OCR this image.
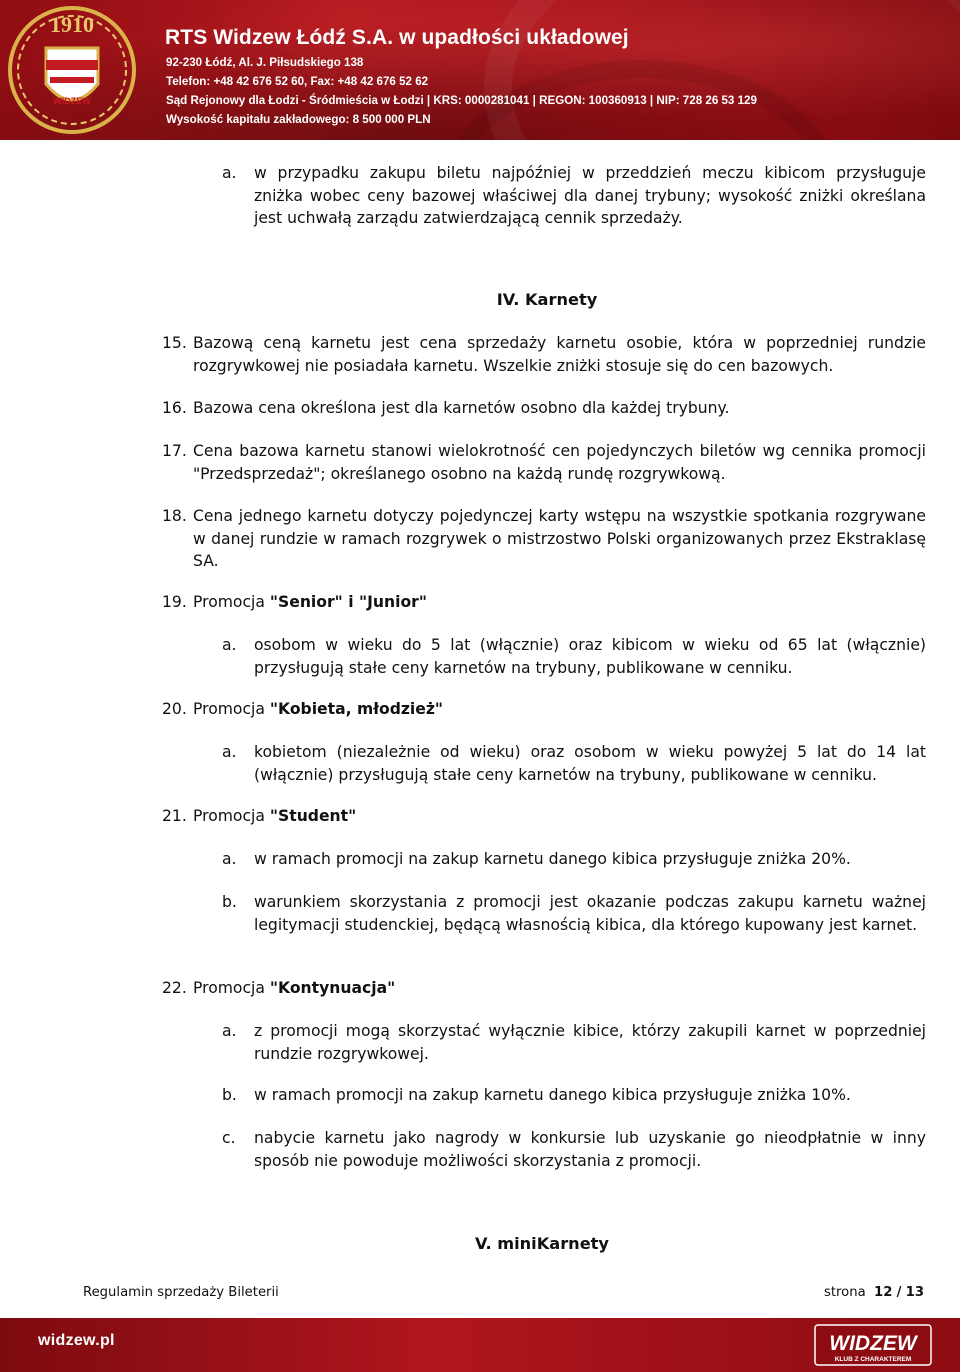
1910
WIDZEW
RTS Widzew Łódź S.A. w upadłości układowej
92-230 Łódź, Al. J. Piłsudskiego 138
Telefon: +48 42 676 52 60, Fax: +48 42 676 52 62
Sąd Rejonowy dla Łodzi - Śródmieścia w Łodzi | KRS: 0000281041 | REGON: 100360913 | NIP: 728 26 53 129
Wysokość kapitału zakładowego: 8 500 000 PLN
a. w przypadku zakupu biletu najpóźniej w przeddzień meczu kibicom przysługuje zniżka wobec ceny bazowej właściwej dla danej trybuny; wysokość zniżki określana jest uchwałą zarządu zatwierdzającą cennik sprzedaży.
IV. Karnety
15. Bazową ceną karnetu jest cena sprzedaży karnetu osobie, która w poprzedniej rundzie rozgrywkowej nie posiadała karnetu. Wszelkie zniżki stosuje się do cen bazowych.
16. Bazowa cena określona jest dla karnetów osobno dla każdej trybuny.
17. Cena bazowa karnetu stanowi wielokrotność cen pojedynczych biletów wg cennika promocji "Przedsprzedaż"; określanego osobno na każdą rundę rozgrywkową.
18. Cena jednego karnetu dotyczy pojedynczej karty wstępu na wszystkie spotkania rozgrywane w danej rundzie w ramach rozgrywek o mistrzostwo Polski organizowanych przez Ekstraklasę SA.
19. Promocja "Senior" i "Junior"
a. osobom w wieku do 5 lat (włącznie) oraz kibicom w wieku od 65 lat (włącznie) przysługują stałe ceny karnetów na trybuny, publikowane w cenniku.
20. Promocja "Kobieta, młodzież"
a. kobietom (niezależnie od wieku) oraz osobom w wieku powyżej 5 lat do 14 lat (włącznie) przysługują stałe ceny karnetów na trybuny, publikowane w cenniku.
21. Promocja "Student"
a. w ramach promocji na zakup karnetu danego kibica przysługuje zniżka 20%.
b. warunkiem skorzystania z promocji jest okazanie podczas zakupu karnetu ważnej legitymacji studenckiej, będącą własnością kibica, dla którego kupowany jest karnet.
22. Promocja "Kontynuacja"
a. z promocji mogą skorzystać wyłącznie kibice, którzy zakupili karnet w poprzedniej rundzie rozgrywkowej.
b. w ramach promocji na zakup karnetu danego kibica przysługuje zniżka 10%.
c. nabycie karnetu jako nagrody w konkursie lub uzyskanie go nieodpłatnie w inny sposób nie powoduje możliwości skorzystania z promocji.
V. miniKarnety
Regulamin sprzedaży Bileterii	strona 12 / 13
widzew.pl	WIDZEW
KLUB Z CHARAKTEREM
